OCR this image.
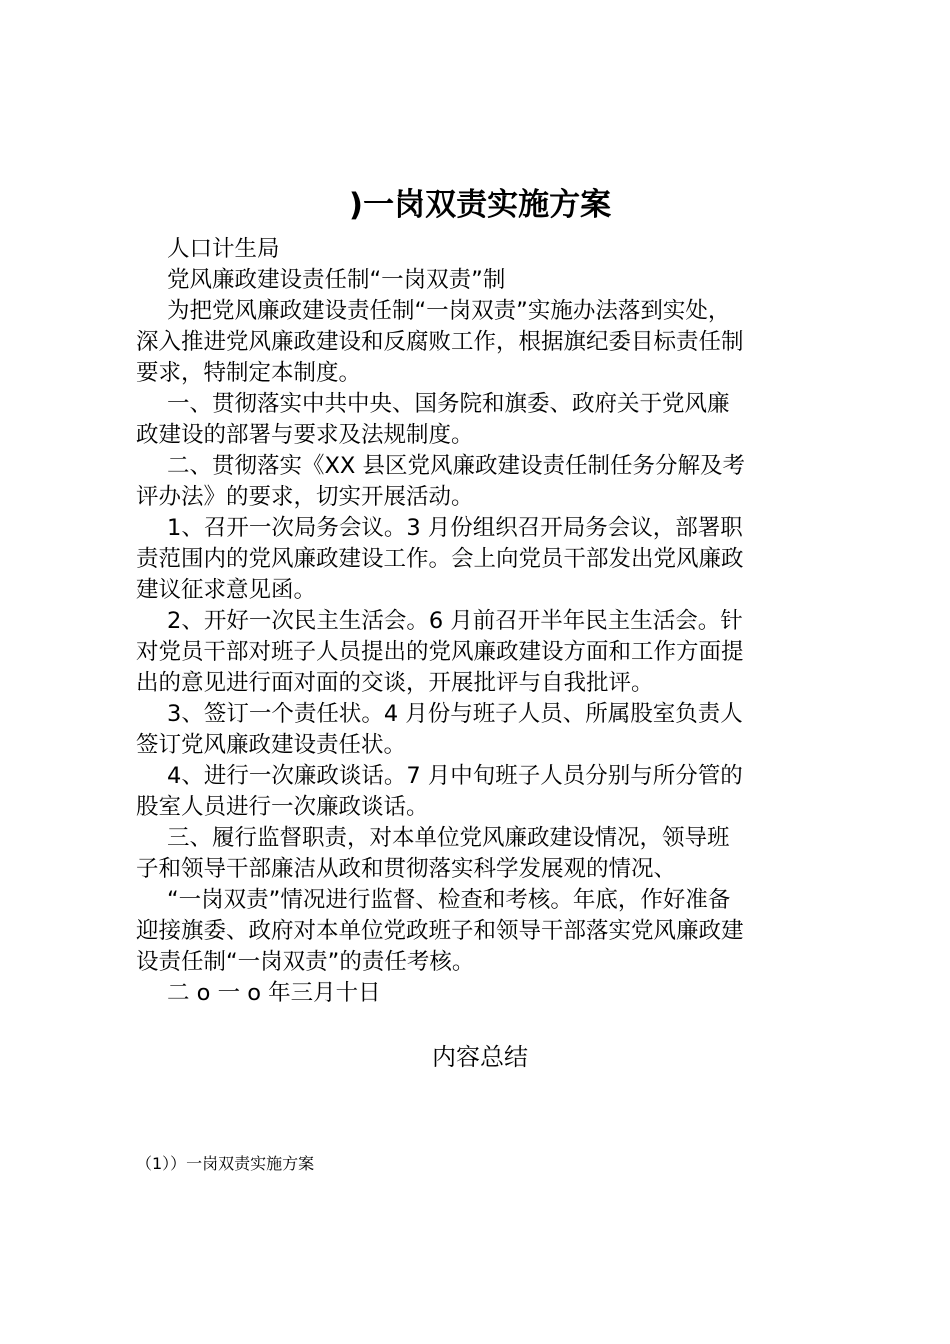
)一岗双责实施方案
人口计生局
党风廉政建设责任制“一岗双责”制
为把党风廉政建设责任制“一岗双责”实施办法落到实处，
深入推进党风廉政建设和反腐败工作，根据旗纪委目标责任制
要求，特制定本制度。
一、贯彻落实中共中央、国务院和旗委、政府关于党风廉
政建设的部署与要求及法规制度。
二、贯彻落实《XX 县区党风廉政建设责任制任务分解及考
评办法》的要求，切实开展活动。
1、召开一次局务会议。3 月份组织召开局务会议，部署职
责范围内的党风廉政建设工作。会上向党员干部发出党风廉政
建议征求意见函。
2、开好一次民主生活会。6 月前召开半年民主生活会。针
对党员干部对班子人员提出的党风廉政建设方面和工作方面提
出的意见进行面对面的交谈，开展批评与自我批评。
3、签订一个责任状。4 月份与班子人员、所属股室负责人
签订党风廉政建设责任状。
4、进行一次廉政谈话。7 月中旬班子人员分别与所分管的
股室人员进行一次廉政谈话。
三、履行监督职责，对本单位党风廉政建设情况，领导班
子和领导干部廉洁从政和贯彻落实科学发展观的情况、
“一岗双责”情况进行监督、检查和考核。年底，作好准备
迎接旗委、政府对本单位党政班子和领导干部落实党风廉政建
设责任制“一岗双责”的责任考核。
二 o 一 o 年三月十日
内容总结
（1））一岗双责实施方案
